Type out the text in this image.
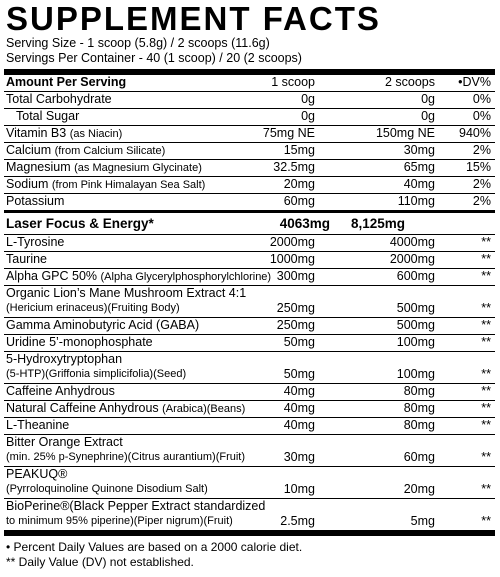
SUPPLEMENT FACTS
Serving Size - 1 scoop (5.8g) / 2 scoops (11.6g)
Servings Per Container - 40 (1 scoop) / 20 (2 scoops)
Amount Per Serving	1 scoop	2 scoops •DV%
Total Carbohydrate	0g	0g	0%
Total Sugar	0g	0g	0%
Vitamin B3 (as Niacin)	75mg NE	150mg NE 940%
Calcium (from Calcium Silicate)	15mg	30mg	2%
Magnesium (as Magnesium Glycinate)	32.5mg	65mg 15%
Sodium (from Pink Himalayan Sea Salt)	20mg	40mg	2%
Potassium	60mg	110mg	2%
Laser Focus & Energy*	4063mg 8,125mg
L-Tyrosine	2000mg	4000mg	**
Taurine	1000mg	2000mg	**
Alpha GPC 50% (Alpha Glycerylphosphorylchlorine) 300mg	600mg	**
Organic Lion’s Mane Mushroom Extract 4:1
(Hericium erinaceus)(Fruiting Body)	250mg	500mg	**
Gamma Aminobutyric Acid (GABA)	250mg	500mg	**
Uridine 5’-monophosphate	50mg	100mg	**
5-Hydroxytryptophan
(5-HTP)(Griffonia simplicifolia)(Seed)	50mg	100mg	**
Caffeine Anhydrous	40mg	80mg	**
Natural Caffeine Anhydrous (Arabica)(Beans)	40mg	80mg	**
L-Theanine	40mg	80mg	**
Bitter Orange Extract
(min. 25% p-Synephrine)(Citrus aurantium)(Fruit)	30mg	60mg	**
PEAKUQ®
(Pyrroloquinoline Quinone Disodium Salt)	10mg	20mg	**
BioPerine®(Black Pepper Extract standardized
to minimum 95% piperine)(Piper nigrum)(Fruit)	2.5mg	5mg	**
• Percent Daily Values are based on a 2000 calorie diet.
** Daily Value (DV) not established.
